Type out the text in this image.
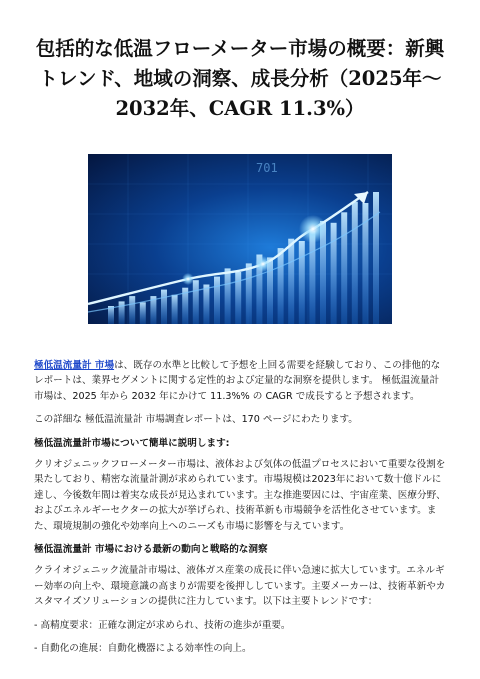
包括的な低温フローメーター市場の概要：新興
トレンド、地域の洞察、成長分析（2025年〜

2032年、CAGR 11.3%）
701

極低温流量計 市場は、既存の水準と比較して予想を上回る需要を経験しており、この排他的なレポートは、業界セグメントに関する定性的および定量的な洞察を提供します。 極低温流量計市場は、2025 年から 2032 年にかけて 11.3%% の CAGR で成長すると予想されます。

この詳細な 極低温流量計 市場調査レポートは、170 ページにわたります。

極低温流量計市場について簡単に説明します:

クリオジェニックフローメーター市場は、液体および気体の低温プロセスにおいて重要な役割を果たしており、精密な流量計測が求められています。市場規模は2023年において数十億ドルに達し、今後数年間は着実な成長が見込まれています。主な推進要因には、宇宙産業、医療分野、およびエネルギーセクターの拡大が挙げられ、技術革新も市場競争を活性化させています。また、環境規制の強化や効率向上へのニーズも市場に影響を与えています。

極低温流量計 市場における最新の動向と戦略的な洞察

クライオジェニック流量計市場は、液体ガス産業の成長に伴い急速に拡大しています。エネルギー効率の向上や、環境意識の高まりが需要を後押ししています。主要メーカーは、技術革新やカスタマイズソリューションの提供に注力しています。以下は主要トレンドです：

- 高精度要求：正確な測定が求められ、技術の進歩が重要。

- 自動化の進展：自動化機器による効率性の向上。
